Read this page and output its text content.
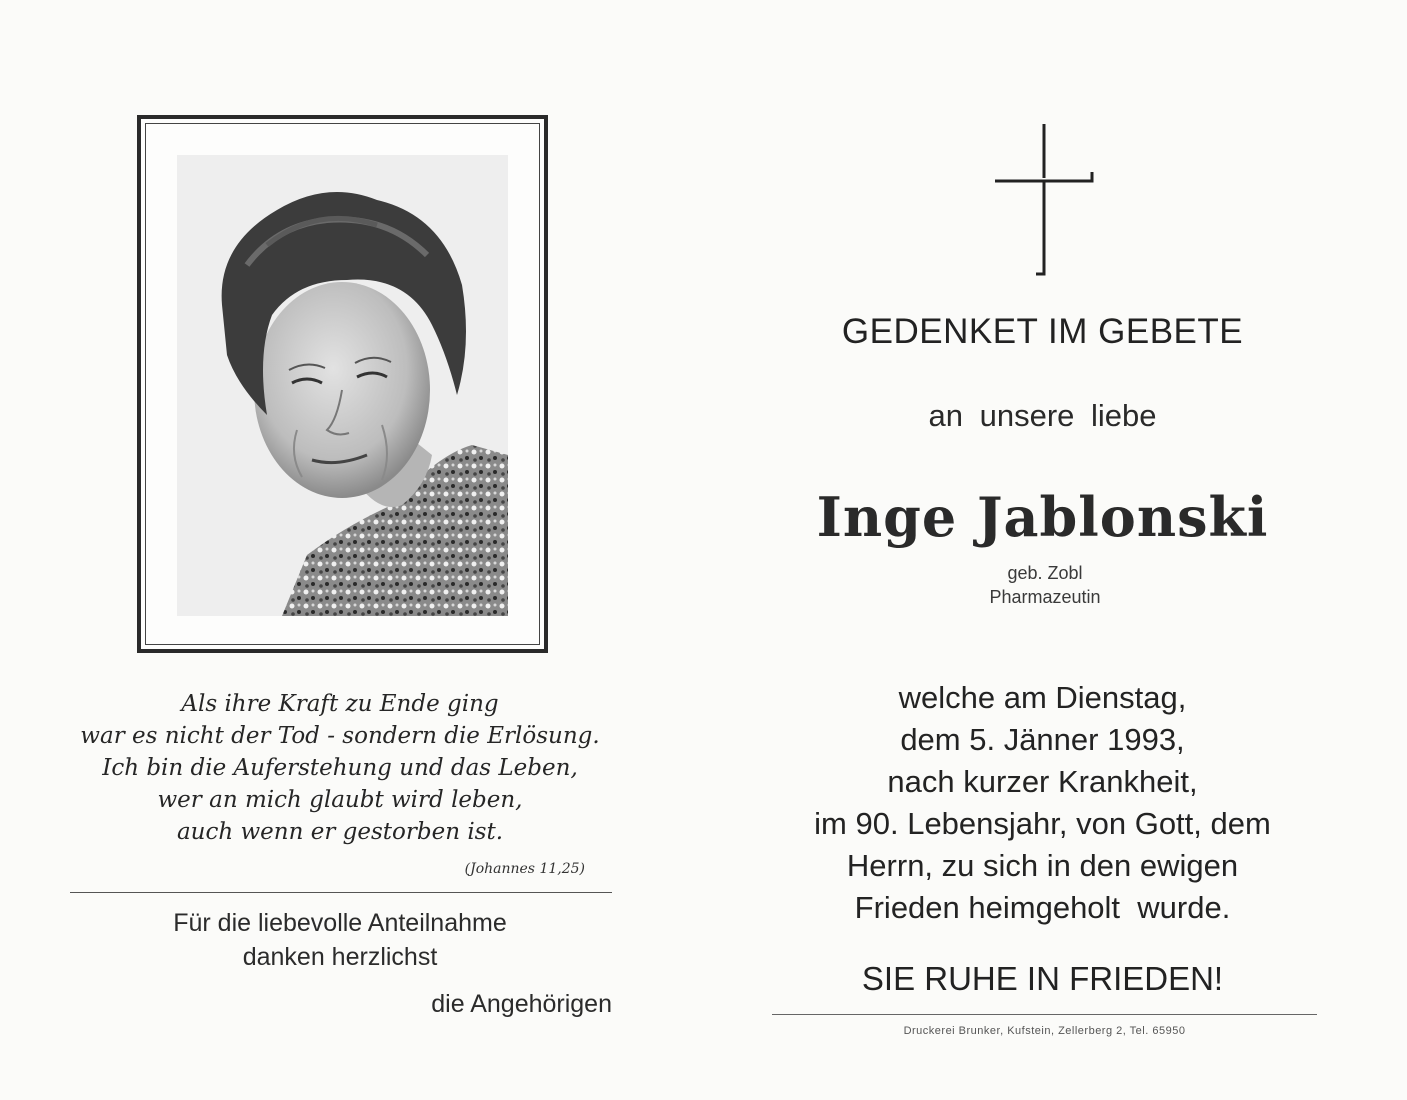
Als ihre Kraft zu Ende ging
war es nicht der Tod - sondern die Erlösung.
Ich bin die Auferstehung und das Leben,
wer an mich glaubt wird leben,
auch wenn er gestorben ist.
(Johannes 11,25)
Für die liebevolle Anteilnahme
danken herzlichst
die Angehörigen
GEDENKET IM GEBETE
an unsere liebe
Inge Jablonski
geb. Zobl
Pharmazeutin
welche am Dienstag,
dem 5. Jänner 1993,
nach kurzer Krankheit,
im 90. Lebensjahr, von Gott, dem
Herrn, zu sich in den ewigen
Frieden heimgeholt  wurde.
SIE RUHE IN FRIEDEN!
Druckerei Brunker, Kufstein, Zellerberg 2, Tel. 65950
